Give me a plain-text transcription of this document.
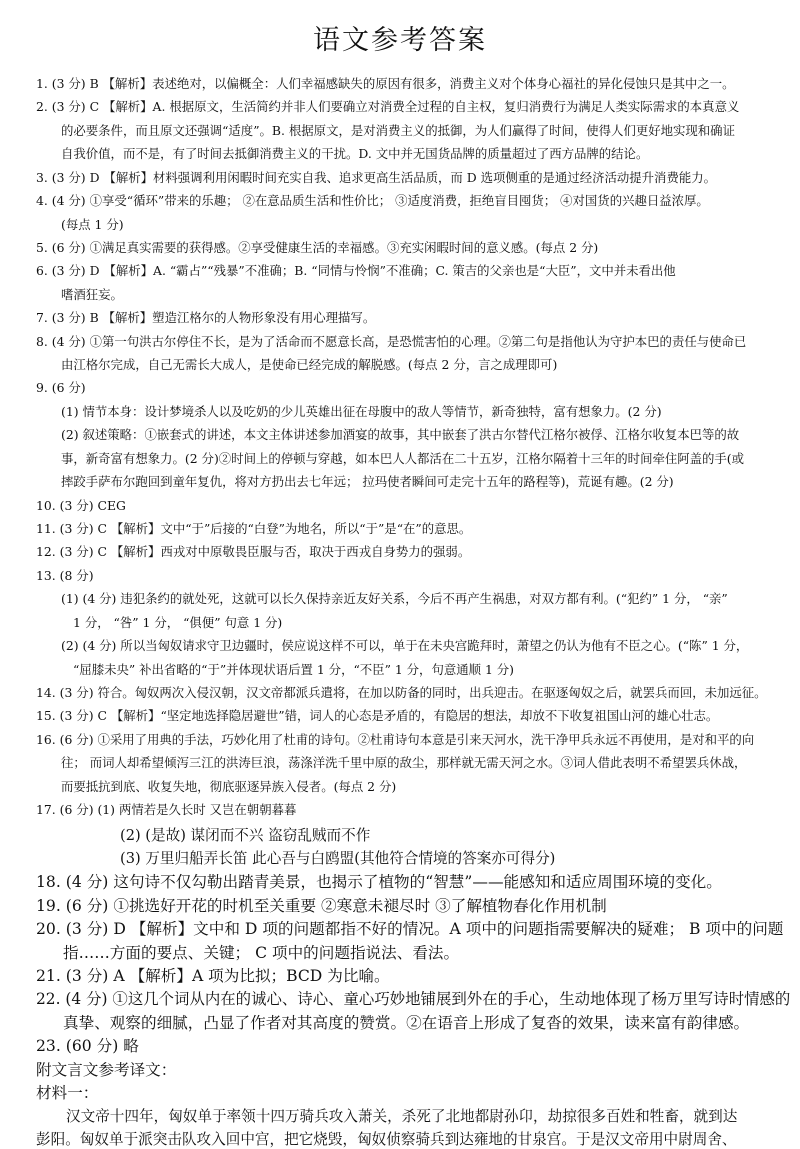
语文参考答案
1. (3 分) B 【解析】表述绝对，以偏概全：人们幸福感缺失的原因有很多，消费主义对个体身心福社的异化侵蚀只是其中之一。
2. (3 分) C 【解析】A. 根据原文，生活简约并非人们要确立对消费全过程的自主权，复归消费行为满足人类实际需求的本真意义
的必要条件，而且原文还强调“适度”。B. 根据原文，是对消费主义的抵御，为人们赢得了时间，使得人们更好地实现和确证
自我价值，而不是，有了时间去抵御消费主义的干扰。D. 文中并无国货品牌的质量超过了西方品牌的结论。
3. (3 分) D 【解析】材料强调利用闲暇时间充实自我、追求更高生活品质，而 D 选项侧重的是通过经济活动提升消费能力。
4. (4 分) ①享受“循环”带来的乐趣； ②在意品质生活和性价比； ③适度消费，拒绝盲目囤货； ④对国货的兴趣日益浓厚。
(每点 1 分)
5. (6 分) ①满足真实需要的获得感。②享受健康生活的幸福感。③充实闲暇时间的意义感。(每点 2 分)
6. (3 分) D 【解析】A. “霸占”“残暴”不准确；B. “同情与怜悯”不准确；C. 策吉的父亲也是“大臣”，文中并未看出他
嗜酒狂妄。
7. (3 分) B 【解析】塑造江格尔的人物形象没有用心理描写。
8. (4 分) ①第一句洪古尔停住不长，是为了活命而不愿意长高，是恐慌害怕的心理。②第二句是指他认为守护本巴的责任与使命已
由江格尔完成，自己无需长大成人，是使命已经完成的解脱感。(每点 2 分，言之成理即可)
9. (6 分)
(1) 情节本身：设计梦境杀人以及吃奶的少儿英雄出征在母腹中的敌人等情节，新奇独特，富有想象力。(2 分)
(2) 叙述策略：①嵌套式的讲述，本文主体讲述参加酒宴的故事，其中嵌套了洪古尔替代江格尔被俘、江格尔收复本巴等的故
事，新奇富有想象力。(2 分)②时间上的停顿与穿越，如本巴人人都活在二十五岁，江格尔隔着十三年的时间牵住阿盖的手(或
摔跤手萨布尔跑回到童年复仇，将对方扔出去七年远； 拉玛使者瞬间可走完十五年的路程等)，荒诞有趣。(2 分)
10. (3 分) CEG
11. (3 分) C 【解析】文中“于”后接的“白登”为地名，所以“于”是“在”的意思。
12. (3 分) C 【解析】西戎对中原敬畏臣服与否，取决于西戎自身势力的强弱。
13. (8 分)
(1) (4 分) 违犯条约的就处死，这就可以长久保持亲近友好关系，今后不再产生祸患，对双方都有利。(“犯约” 1 分， “亲”
1 分， “咎” 1 分， “俱便” 句意 1 分)
(2) (4 分) 所以当匈奴请求守卫边疆时，侯应说这样不可以，单于在未央宫跪拜时，萧望之仍认为他有不臣之心。(“陈” 1 分，
“屈膝未央” 补出省略的“于”并体现状语后置 1 分，“不臣” 1 分，句意通顺 1 分)
14. (3 分) 符合。匈奴两次入侵汉朝，汉文帝都派兵遣将，在加以防备的同时，出兵迎击。在驱逐匈奴之后，就罢兵而回，未加远征。
15. (3 分) C 【解析】“坚定地选择隐居避世”错，词人的心态是矛盾的，有隐居的想法，却放不下收复祖国山河的雄心壮志。
16. (6 分) ①采用了用典的手法，巧妙化用了杜甫的诗句。②杜甫诗句本意是引来天河水，洗干净甲兵永远不再使用，是对和平的向
往； 而词人却希望倾泻三江的洪涛巨浪，荡涤洋洗千里中原的敌尘，那样就无需天河之水。③词人借此表明不希望罢兵休战，
而要抵抗到底、收复失地，彻底驱逐异族入侵者。(每点 2 分)
17. (6 分) (1) 两情若是久长时 又岂在朝朝暮暮
(2) (是故) 谋闭而不兴 盗窃乱贼而不作
(3) 万里归船弄长笛 此心吾与白鸥盟(其他符合情境的答案亦可得分)
18. (4 分) 这句诗不仅勾勒出踏青美景，也揭示了植物的“智慧”——能感知和适应周围环境的变化。
19. (6 分) ①挑选好开花的时机至关重要 ②寒意未褪尽时 ③了解植物春化作用机制
20. (3 分) D 【解析】文中和 D 项的问题都指不好的情况。A 项中的问题指需要解决的疑难； B 项中的问题
指……方面的要点、关键； C 项中的问题指说法、看法。
21. (3 分) A 【解析】A 项为比拟；BCD 为比喻。
22. (4 分) ①这几个词从内在的诚心、诗心、童心巧妙地铺展到外在的手心，生动地体现了杨万里写诗时情感的
真挚、观察的细腻，凸显了作者对其高度的赞赏。②在语音上形成了复沓的效果，读来富有韵律感。
23. (60 分) 略
附文言文参考译文：
材料一：
汉文帝十四年，匈奴单于率领十四万骑兵攻入萧关，杀死了北地都尉孙卬，劫掠很多百姓和牲畜，就到达
彭阳。匈奴单于派突击队攻入回中宫，把它烧毁，匈奴侦察骑兵到达雍地的甘泉宫。于是汉文帝用中尉周舍、
